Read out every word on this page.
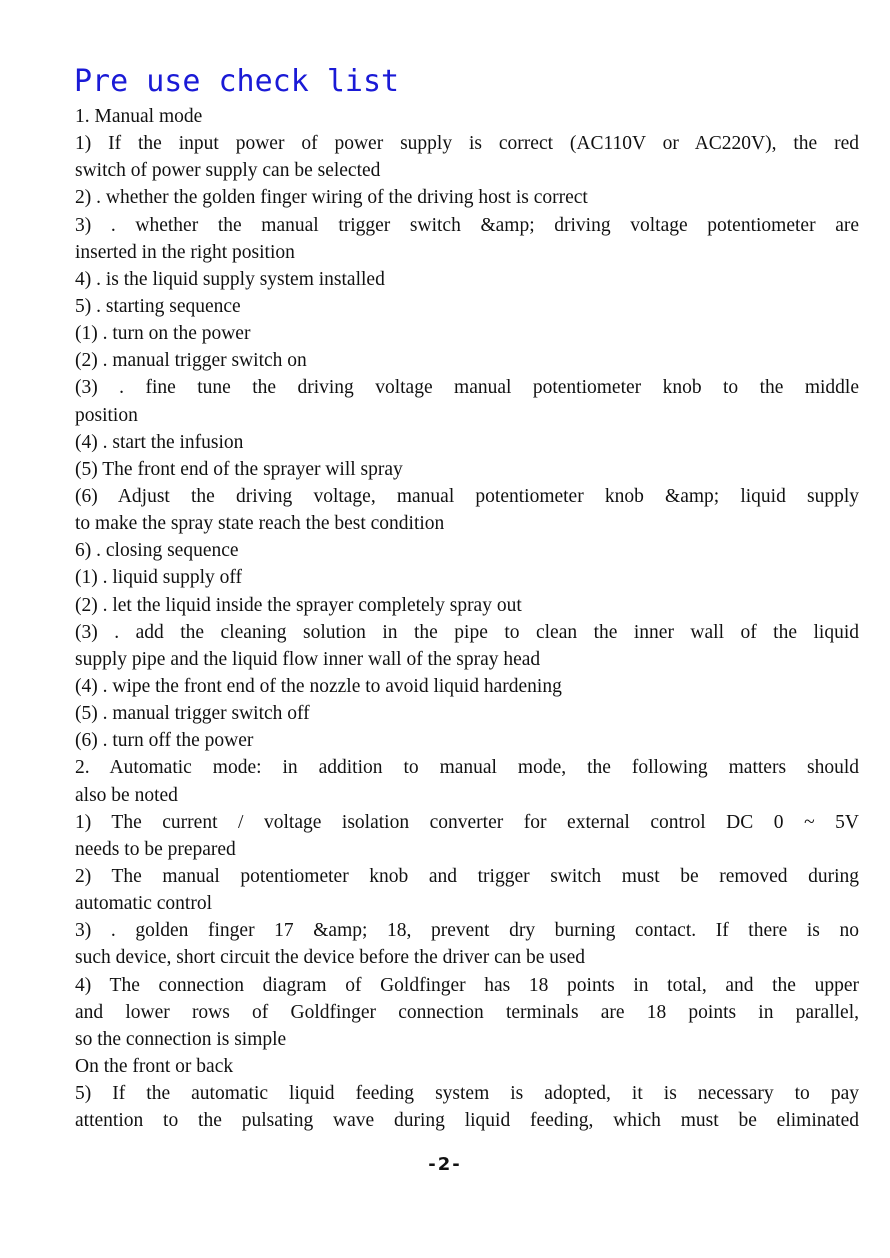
Pre use check list

1. Manual mode

1) If the input power of power supply is correct (AC110V or AC220V), the red

switch of power supply can be selected

2) . whether the golden finger wiring of the driving host is correct

3) . whether the manual trigger switch &amp; driving voltage potentiometer are

inserted in the right position

4) . is the liquid supply system installed

5) . starting sequence

(1) . turn on the power

(2) . manual trigger switch on

(3) . fine tune the driving voltage manual potentiometer knob to the middle

position

(4) . start the infusion

(5) The front end of the sprayer will spray

(6) Adjust the driving voltage, manual potentiometer knob &amp; liquid supply

to make the spray state reach the best condition

6) . closing sequence

(1) . liquid supply off

(2) . let the liquid inside the sprayer completely spray out

(3) . add the cleaning solution in the pipe to clean the inner wall of the liquid

supply pipe and the liquid flow inner wall of the spray head

(4) . wipe the front end of the nozzle to avoid liquid hardening

(5) . manual trigger switch off

(6) . turn off the power

2. Automatic mode: in addition to manual mode, the following matters should

also be noted

1) The current / voltage isolation converter for external control DC 0 ~ 5V

needs to be prepared

2) The manual potentiometer knob and trigger switch must be removed during

automatic control

3) . golden finger 17 &amp; 18, prevent dry burning contact. If there is no

such device, short circuit the device before the driver can be used

4) The connection diagram of Goldfinger has 18 points in total, and the upper

and lower rows of Goldfinger connection terminals are 18 points in parallel,

so the connection is simple

On the front or back

5) If the automatic liquid feeding system is adopted, it is necessary to pay

attention to the pulsating wave during liquid feeding, which must be eliminated

-2-
